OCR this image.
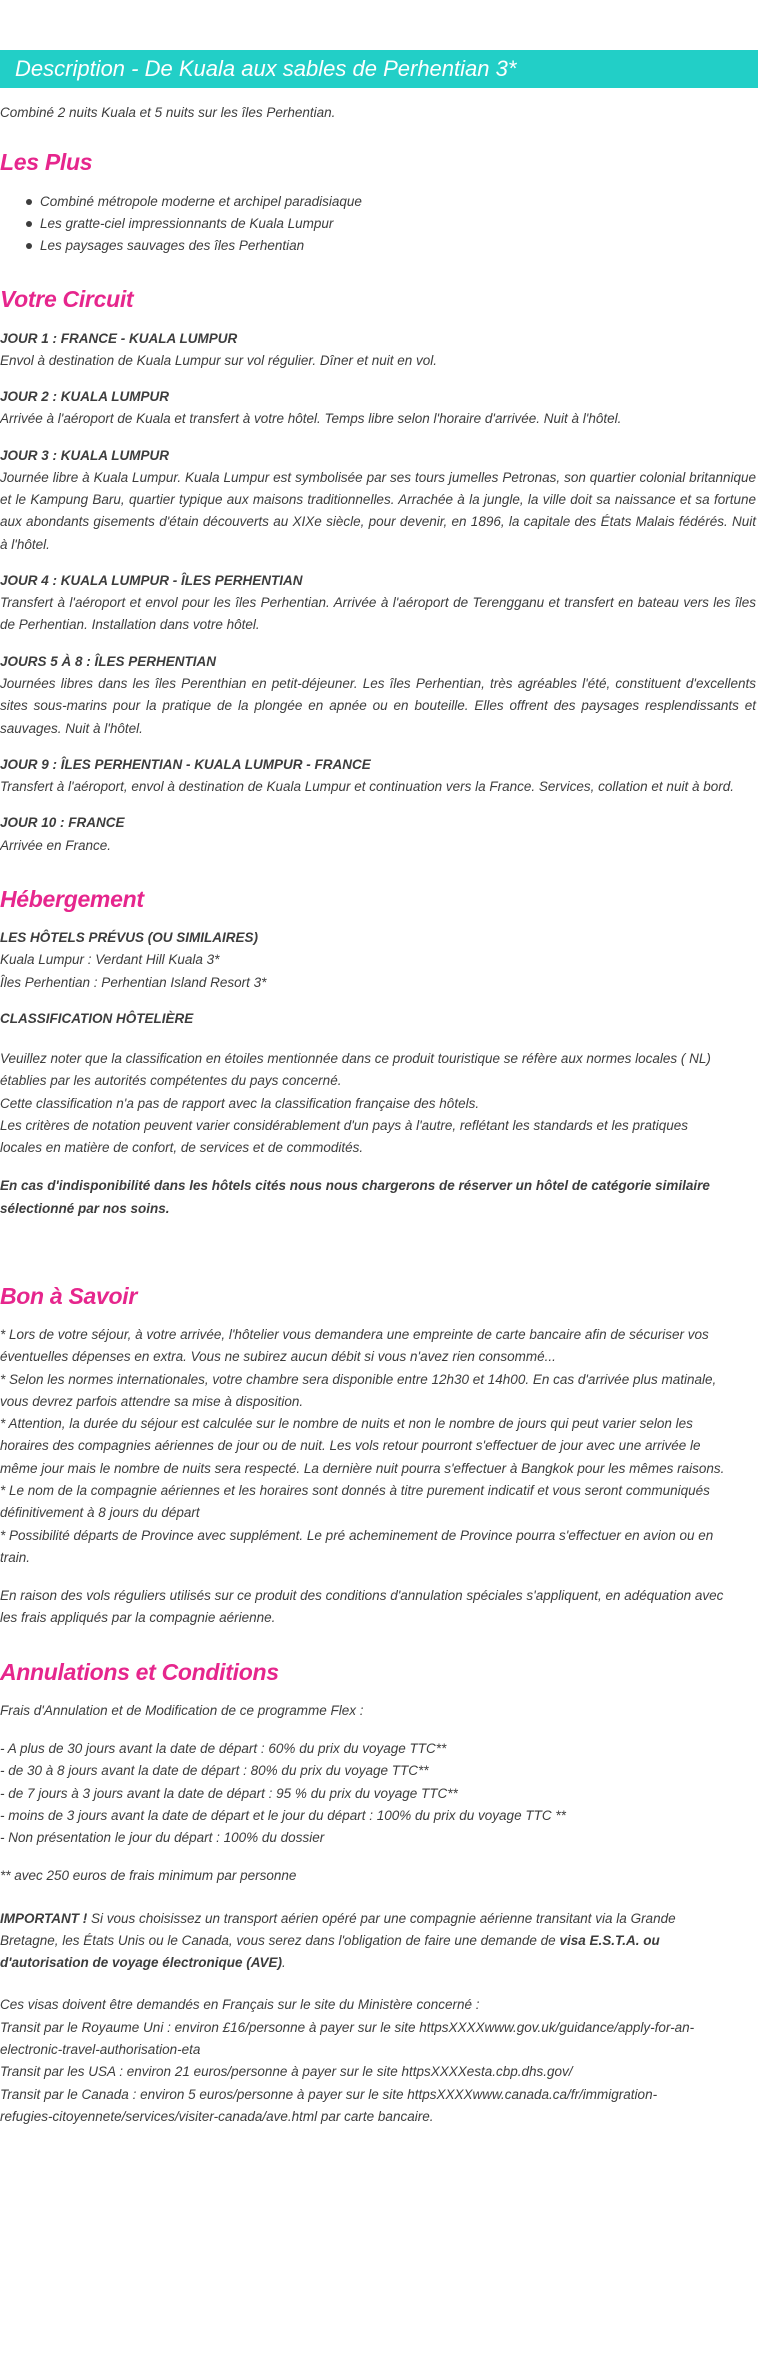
Description - De Kuala aux sables de Perhentian 3*

Combiné 2 nuits Kuala et 5 nuits sur les îles Perhentian.

Les Plus
Combiné métropole moderne et archipel paradisiaque
Les gratte-ciel impressionnants de Kuala Lumpur
Les paysages sauvages des îles Perhentian
Votre Circuit
JOUR 1 : FRANCE - KUALA LUMPUR
Envol à destination de Kuala Lumpur sur vol régulier. Dîner et nuit en vol.
JOUR 2 : KUALA LUMPUR
Arrivée à l'aéroport de Kuala et transfert à votre hôtel. Temps libre selon l'horaire d'arrivée. Nuit à l'hôtel.
JOUR 3 : KUALA LUMPUR
Journée libre à Kuala Lumpur. Kuala Lumpur est symbolisée par ses tours jumelles Petronas, son quartier colonial britannique et le Kampung Baru, quartier typique aux maisons traditionnelles. Arrachée à la jungle, la ville doit sa naissance et sa fortune aux abondants gisements d'étain découverts au XIXe siècle, pour devenir, en 1896, la capitale des États Malais fédérés. Nuit à l'hôtel.
JOUR 4 : KUALA LUMPUR - ÎLES PERHENTIAN
Transfert à l'aéroport et envol pour les îles Perhentian. Arrivée à l'aéroport de Terengganu et transfert en bateau vers les îles de Perhentian. Installation dans votre hôtel.
JOURS 5 À 8 : ÎLES PERHENTIAN
Journées libres dans les îles Perenthian en petit-déjeuner. Les îles Perhentian, très agréables l'été, constituent d'excellents sites sous-marins pour la pratique de la plongée en apnée ou en bouteille. Elles offrent des paysages resplendissants et sauvages. Nuit à l'hôtel.
JOUR 9 : ÎLES PERHENTIAN - KUALA LUMPUR - FRANCE
Transfert à l'aéroport, envol à destination de Kuala Lumpur et continuation vers la France. Services, collation et nuit à bord.
JOUR 10 : FRANCE
Arrivée en France.
Hébergement
LES HÔTELS PRÉVUS (OU SIMILAIRES)
Kuala Lumpur : Verdant Hill Kuala 3*
Îles Perhentian : Perhentian Island Resort 3*
CLASSIFICATION HÔTELIÈRE
Veuillez noter que la classification en étoiles mentionnée dans ce produit touristique se réfère aux normes locales ( NL)
établies par les autorités compétentes du pays concerné.
Cette classification n'a pas de rapport avec la classification française des hôtels.
Les critères de notation peuvent varier considérablement d'un pays à l'autre, reflétant les standards et les pratiques
locales en matière de confort, de services et de commodités.
En cas d'indisponibilité dans les hôtels cités nous nous chargerons de réserver un hôtel de catégorie similaire
sélectionné par nos soins.
Bon à Savoir
* Lors de votre séjour, à votre arrivée, l'hôtelier vous demandera une empreinte de carte bancaire afin de sécuriser vos
éventuelles dépenses en extra. Vous ne subirez aucun débit si vous n'avez rien consommé...
* Selon les normes internationales, votre chambre sera disponible entre 12h30 et 14h00. En cas d'arrivée plus matinale,
vous devrez parfois attendre sa mise à disposition.
* Attention, la durée du séjour est calculée sur le nombre de nuits et non le nombre de jours qui peut varier selon les
horaires des compagnies aériennes de jour ou de nuit. Les vols retour pourront s'effectuer de jour avec une arrivée le
même jour mais le nombre de nuits sera respecté. La dernière nuit pourra s'effectuer à Bangkok pour les mêmes raisons.
* Le nom de la compagnie aériennes et les horaires sont donnés à titre purement indicatif et vous seront communiqués
définitivement à 8 jours du départ
* Possibilité départs de Province avec supplément. Le pré acheminement de Province pourra s'effectuer en avion ou en
train.
En raison des vols réguliers utilisés sur ce produit des conditions d'annulation spéciales s'appliquent, en adéquation avec
les frais appliqués par la compagnie aérienne.
Annulations et Conditions
Frais d'Annulation et de Modification de ce programme Flex :
- A plus de 30 jours avant la date de départ : 60% du prix du voyage TTC**
- de 30 à 8 jours avant la date de départ : 80% du prix du voyage TTC**
- de 7 jours à 3 jours avant la date de départ : 95 % du prix du voyage TTC**
- moins de 3 jours avant la date de départ et le jour du départ : 100% du prix du voyage TTC **
- Non présentation le jour du départ : 100% du dossier
** avec 250 euros de frais minimum par personne
IMPORTANT ! Si vous choisissez un transport aérien opéré par une compagnie aérienne transitant via la Grande
Bretagne, les États Unis ou le Canada, vous serez dans l'obligation de faire une demande de visa E.S.T.A. ou
d'autorisation de voyage électronique (AVE).
Ces visas doivent être demandés en Français sur le site du Ministère concerné :
Transit par le Royaume Uni : environ £16/personne à payer sur le site httpsXXXXwww.gov.uk/guidance/apply-for-an-
electronic-travel-authorisation-eta
Transit par les USA : environ 21 euros/personne à payer sur le site httpsXXXXesta.cbp.dhs.gov/
Transit par le Canada : environ 5 euros/personne à payer sur le site httpsXXXXwww.canada.ca/fr/immigration-
refugies-citoyennete/services/visiter-canada/ave.html par carte bancaire.
